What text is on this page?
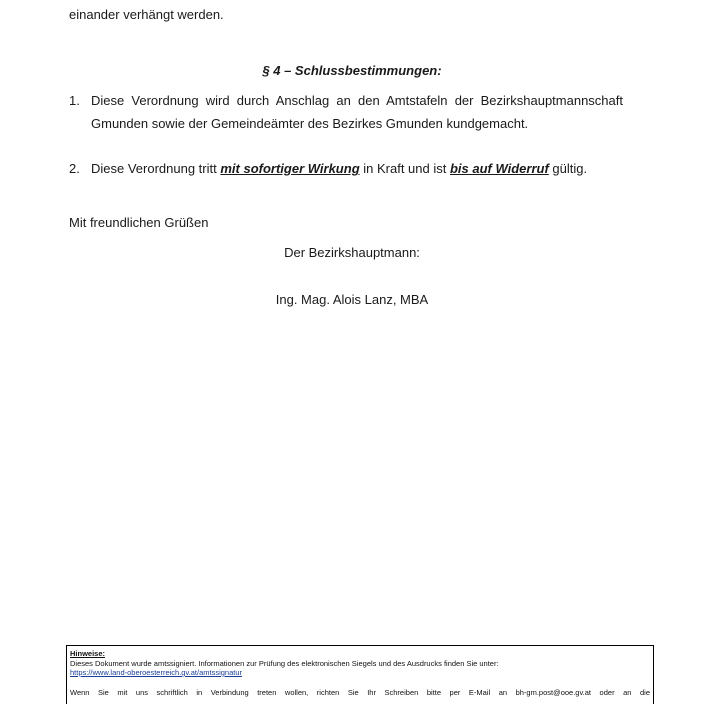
einander verhängt werden.
§ 4 – Schlussbestimmungen:
1. Diese Verordnung wird durch Anschlag an den Amtstafeln der Bezirkshauptmannschaft
Gmunden sowie der Gemeindeämter des Bezirkes Gmunden kundgemacht.
2. Diese Verordnung tritt mit sofortiger Wirkung in Kraft und ist bis auf Widerruf gültig.
Mit freundlichen Grüßen
Der Bezirkshauptmann:
Ing. Mag. Alois Lanz, MBA
Hinweise:
Dieses Dokument wurde amtssigniert. Informationen zur Prüfung des elektronischen Siegels und des Ausdrucks finden Sie unter:
https://www.land-oberoesterreich.gv.at/amtssignatur
Wenn Sie mit uns schriftlich in Verbindung treten wollen, richten Sie Ihr Schreiben bitte per E-Mail an bh-gm.post@ooe.gv.at oder an die
